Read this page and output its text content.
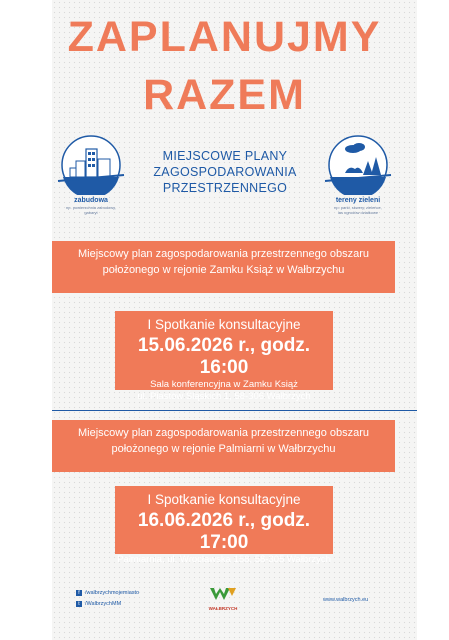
ZAPLANUJMY
RAZEM
zabudowa
np. powierzchnia zabudowy,
gabaryt
MIEJSCOWE PLANY
ZAGOSPODAROWANIA
PRZESTRZENNEGO
tereny zieleni
np. parki, skwery, zieleńce,
las ogrodów działkowe
Miejscowy plan zagospodarowania przestrzennego obszaru
położonego w rejonie Zamku Książ w Wałbrzychu
I Spotkanie konsultacyjne
15.06.2026 r., godz. 16:00
Sala konferencyjna w Zamku Książ
ul. Piastów Śląskich 1, 58-306 Wałbrzych
Miejscowy plan zagospodarowania przestrzennego obszaru
położonego w rejonie Palmiarni w Wałbrzychu
I Spotkanie konsultacyjne
16.06.2026 r., godz. 17:00
Palmiarnia, ul. Wrocławska 158, 58-305 Wałbrzych
f /walbrzychmojemiasto
t /WalbrzychMM
WAŁBRZYCH
www.walbrzych.eu
